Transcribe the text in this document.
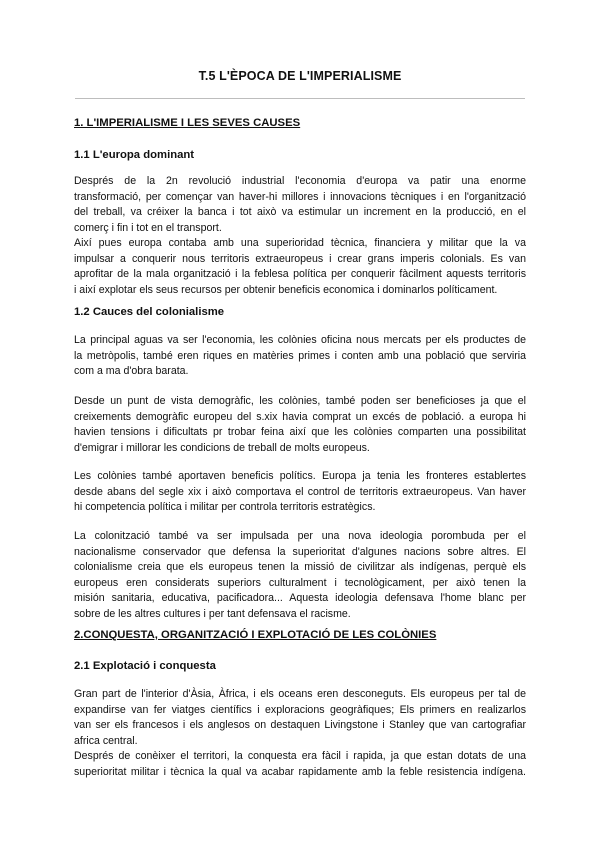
T.5 L'ÈPOCA DE L'IMPERIALISME
1. L'IMPERIALISME I LES SEVES CAUSES
1.1 L'europa dominant
Després de la 2n revolució industrial l'economia d'europa va patir una enorme
transformació, per començar van haver-hi millores i innovacions tècniques i en l'organització
del treball, va créixer la banca i tot això va estimular un increment en la producció, en el
comerç i fin i tot en el transport.
Així pues europa contaba amb una superioridad tècnica, financiera y militar que la va
impulsar a conquerir nous territoris extraeuropeus i crear grans imperis colonials. Es van
aprofitar de la mala organització i la feblesa política per conquerir fàcilment aquests territoris
i així explotar els seus recursos per obtenir beneficis economica i dominarlos políticament.
1.2 Cauces del colonialisme
La principal aguas va ser l'economia, les colònies oficina nous mercats per els productes de
la metròpolis, també eren riques en matèries primes i conten amb una població que serviria
com a ma d'obra barata.
Desde un punt de vista demogràfic, les colònies, també poden ser beneficioses ja que el
creixements demogràfic europeu del s.xix havia comprat un excés de població. a europa hi
havien tensions i dificultats pr trobar feina així que les colònies comparten una possibilitat
d'emigrar i millorar les condicions de treball de molts europeus.
Les colònies també aportaven beneficis polítics. Europa ja tenia les fronteres establertes
desde abans del segle xix i això comportava el control de territoris extraeuropeus. Van haver
hi competencia política i militar per controla territoris estratègics.
La colonització també va ser impulsada per una nova ideologia porombuda per el
nacionalisme conservador que defensa la superioritat d'algunes nacions sobre altres. El
colonialisme creia que els europeus tenen la missió de civilitzar als indígenas, perquè els
europeus eren considerats superiors culturalment i tecnològicament, per això tenen la
misión sanitaria, educativa, pacificadora... Aquesta ideologia defensava l'home blanc per
sobre de les altres cultures i per tant defensava el racisme.
2.CONQUESTA, ORGANITZACIÓ I EXPLOTACIÓ DE LES COLÒNIES
2.1 Explotació i conquesta
Gran part de l'interior d'Àsia, Àfrica, i els oceans eren desconeguts. Els europeus per tal de
expandirse van fer viatges científics i exploracions geogràfiques; Els primers en realizarlos
van ser els francesos i els anglesos on destaquen Livingstone i Stanley que van cartografiar
africa central.
Després de conèixer el territori, la conquesta era fàcil i rapida, ja que estan dotats de una
superioritat militar i tècnica la qual va acabar rapidamente amb la feble resistencia indígena.
